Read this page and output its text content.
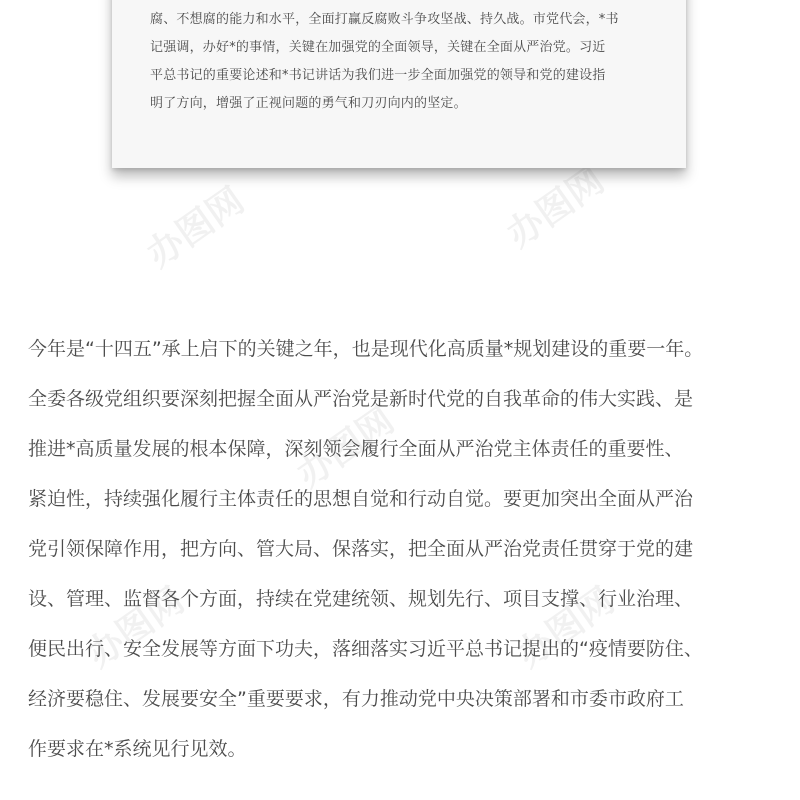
办图网	办图网
办图网
办图网	办图网
腐、不想腐的能力和水平，全面打赢反腐败斗争攻坚战、持久战。市党代会，*书
记强调，办好*的事情，关键在加强党的全面领导，关键在全面从严治党。习近
平总书记的重要论述和*书记讲话为我们进一步全面加强党的领导和党的建设指
明了方向，增强了正视问题的勇气和刀刃向内的坚定。
今年是“十四五”承上启下的关键之年，也是现代化高质量*规划建设的重要一年。
全委各级党组织要深刻把握全面从严治党是新时代党的自我革命的伟大实践、是
推进*高质量发展的根本保障，深刻领会履行全面从严治党主体责任的重要性、
紧迫性，持续强化履行主体责任的思想自觉和行动自觉。要更加突出全面从严治
党引领保障作用，把方向、管大局、保落实，把全面从严治党责任贯穿于党的建
设、管理、监督各个方面，持续在党建统领、规划先行、项目支撑、行业治理、
便民出行、安全发展等方面下功夫，落细落实习近平总书记提出的“疫情要防住、
经济要稳住、发展要安全”重要要求，有力推动党中央决策部署和市委市政府工
作要求在*系统见行见效。
